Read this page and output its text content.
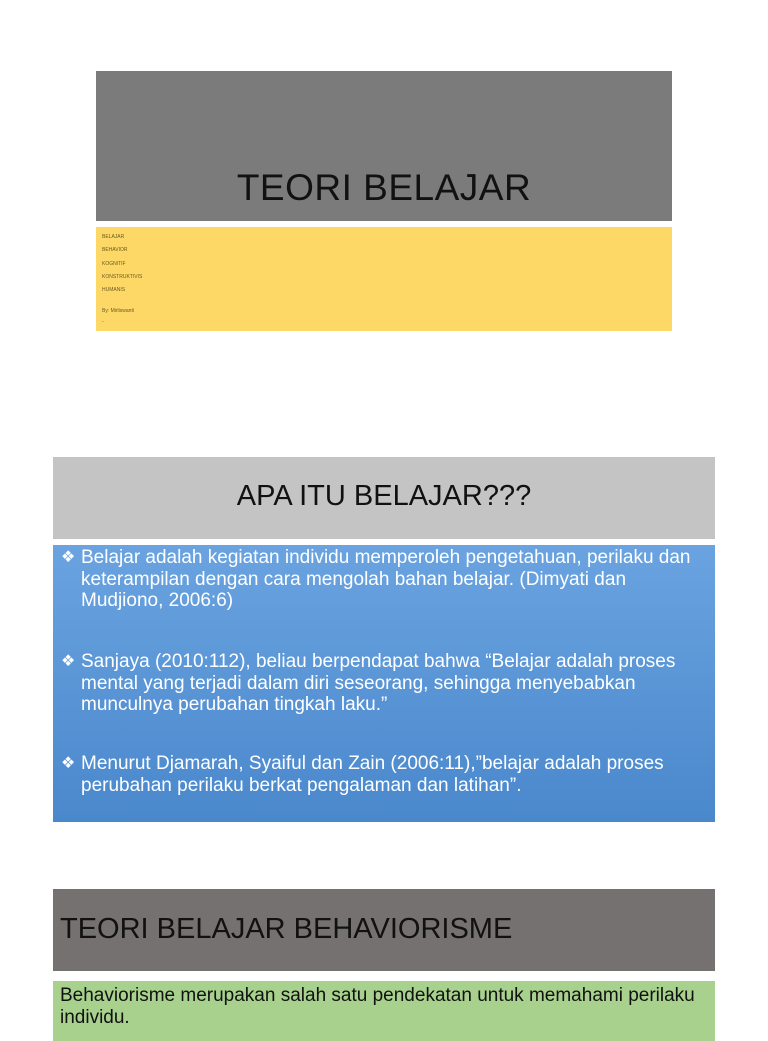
TEORI BELAJAR
BELAJAR
BEHAVIOR
KOGNITIF
KONSTRUKTIVIS
HUMANIS
By: Mirliswanti
-
APA ITU BELAJAR???
❖ Belajar adalah kegiatan individu memperoleh pengetahuan, perilaku dan keterampilan dengan cara mengolah bahan belajar. (Dimyati dan Mudjiono, 2006:6)
❖ Sanjaya (2010:112), beliau berpendapat bahwa “Belajar adalah proses mental yang terjadi dalam diri seseorang, sehingga menyebabkan munculnya perubahan tingkah laku.”
❖ Menurut Djamarah, Syaiful dan Zain (2006:11),”belajar adalah proses perubahan perilaku berkat pengalaman dan latihan”.
TEORI BELAJAR BEHAVIORISME
Behaviorisme merupakan salah satu pendekatan untuk memahami perilaku individu.
